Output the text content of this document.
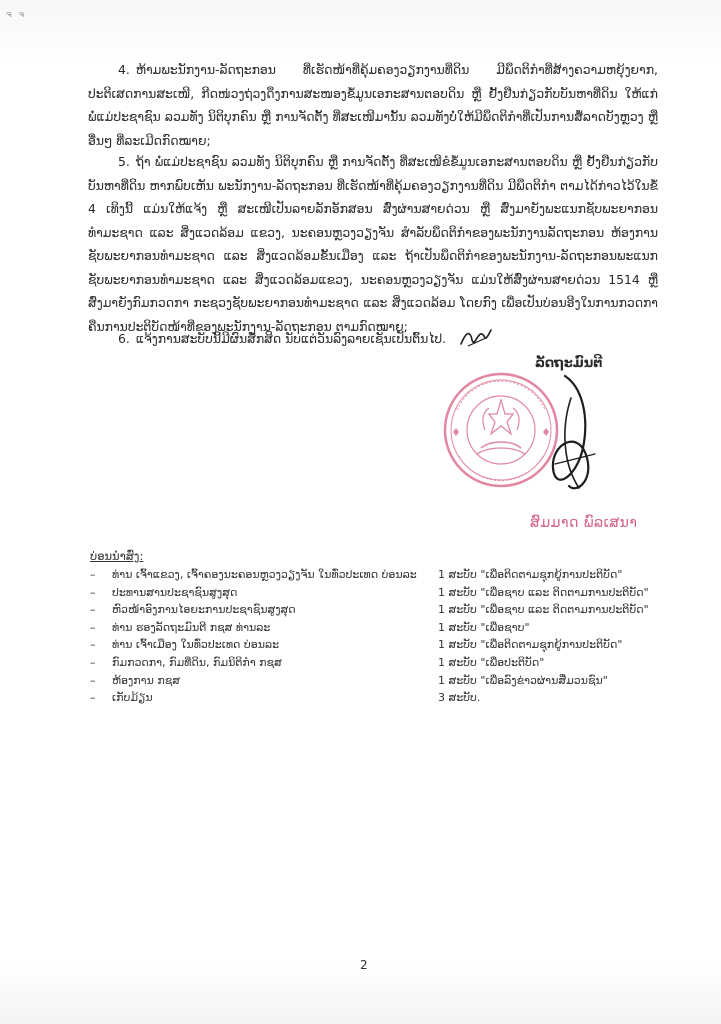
ຈ ຈ
4. ຫ້າມພະນັກງານ-ລັດຖະກອນ ທີ່ເຮັດໜ້າທີ່ຄຸ້ມຄອງວຽກງານທີ່ດິນ ມີພຶດຕິກຳທີ່ສ້າງຄວາມຫຍຸ້ງຍາກ, ປະຕິເສດການສະເໜີ, ກີດໜ່ວງຖ່ວງດຶງການສະໜອງຂໍ້ມູນເອກະສານຕອບດິນ ຫຼື ຢັ້ງຢືນກ່ຽວກັບບັນຫາທີ່ດິນ ໃຫ້ແກ່ພໍ່ແມ່ປະຊາຊົນ ລວມທັງ ນິຕິບຸກຄົນ ຫຼື ການຈັດຕັ້ງ ທີ່ສະເໜີມານັ້ນ ລວມທັງບໍ່ໃຫ້ມີພຶດຕິກຳທີ່ເປັນການສໍ້ລາດບັງຫຼວງ ຫຼື ອື່ນໆ ທີ່ລະເມີດກົດໝາຍ;
5. ຖ້າ ພໍ່ແມ່ປະຊາຊົນ ລວມທັງ ນິຕິບຸກຄົນ ຫຼື ການຈັດຕັ້ງ ທີ່ສະເໜີຂໍຂໍ້ມູນເອກະສານຕອບດິນ ຫຼື ຢັ້ງຢືນກ່ຽວກັບບັນຫາທີ່ດິນ ຫາກພົບເຫັນ ພະນັກງານ-ລັດຖະກອນ ທີ່ເຮັດໜ້າທີ່ຄຸ້ມຄອງວຽກງານທີ່ດິນ ມີພຶດຕິກຳ ຕາມໄດ້ກ່າວໄວ້ໃນຂໍ້ 4 ເທິງນີ້ ແມ່ນໃຫ້ແຈ້ງ ຫຼື ສະເໜີເປັນລາຍລັກອັກສອນ ສົ່ງຜ່ານສາຍດ່ວນ ຫຼື ສົ່ງມາຍັງພະແນກຊັບພະຍາກອນທຳມະຊາດ ແລະ ສິ່ງແວດລ້ອມ ແຂວງ, ນະຄອນຫຼວງວຽງຈັນ ສຳລັບພຶດຕິກຳຂອງພະນັກງານລັດຖະກອນ ຫ້ອງການຊັບພະຍາກອນທຳມະຊາດ ແລະ ສິ່ງແວດລ້ອມຂັ້ນເມືອງ ແລະ ຖ້າເປັນພຶດຕິກຳຂອງພະນັກງານ-ລັດຖະກອນພະແນກຊັບພະຍາກອນທຳມະຊາດ ແລະ ສິ່ງແວດລ້ອມແຂວງ, ນະຄອນຫຼວງວຽງຈັນ ແມ່ນໃຫ້ສົ່ງຜ່ານສາຍດ່ວນ 1514 ຫຼື ສົ່ງມາຍັງກົມກວດກາ ກະຊວງຊັບພະຍາກອນທຳມະຊາດ ແລະ ສິ່ງແວດລ້ອມ ໂດຍກົງ ເພື່ອເປັນບ່ອນອີງໃນການກວດກາຄືນການປະຕິບັດໜ້າທີ່ຂອງພະນັກງານ-ລັດຖະກອນ ຕາມກົດໝາຍ;
6. ແຈ້ງການສະບັບນີ້ມີຜົນສັກສິດ ນັບແຕ່ວັນລົງລາຍເຊັນເປັນຕົ້ນໄປ.
ລັດຖະມົນຕີ
ສົມມາດ ພົລເສນາ
ບ່ອນນຳສົ່ງ:
– ທ່ານ ເຈົ້າແຂວງ, ເຈົ້າຄອງນະຄອນຫຼວງວຽງຈັນ ໃນທົ່ວປະເທດ ບ່ອນລະ 1 ສະບັບ "ເພື່ອຕິດຕາມຊຸກຍູ້ການປະຕິບັດ"
– ປະທານສານປະຊາຊົນສູງສຸດ	1 ສະບັບ "ເພື່ອຊາບ ແລະ ຕິດຕາມການປະຕິບັດ"
– ຫົວໜ້າອົງການໄອຍະການປະຊາຊົນສູງສຸດ	1 ສະບັບ "ເພື່ອຊາບ ແລະ ຕິດຕາມການປະຕິບັດ"
– ທ່ານ ຮອງລັດຖະມົນຕີ ກຊສ ທ່ານລະ	1 ສະບັບ "ເພື່ອຊາບ"
– ທ່ານ ເຈົ້າເມືອງ ໃນທົ່ວປະເທດ ບ່ອນລະ	1 ສະບັບ "ເພື່ອຕິດຕາມຊຸກຍູ້ການປະຕິບັດ"
– ກົມກວດກາ, ກົມທີ່ດິນ, ກົມນິຕິກຳ ກຊສ	1 ສະບັບ "ເພື່ອປະຕິບັດ"
– ຫ້ອງການ ກຊສ	1 ສະບັບ "ເພື່ອລົງຂ່າວຜ່ານສື່ມວນຊົນ"
– ເກັບມ້ຽນ	3 ສະບັບ.
2
